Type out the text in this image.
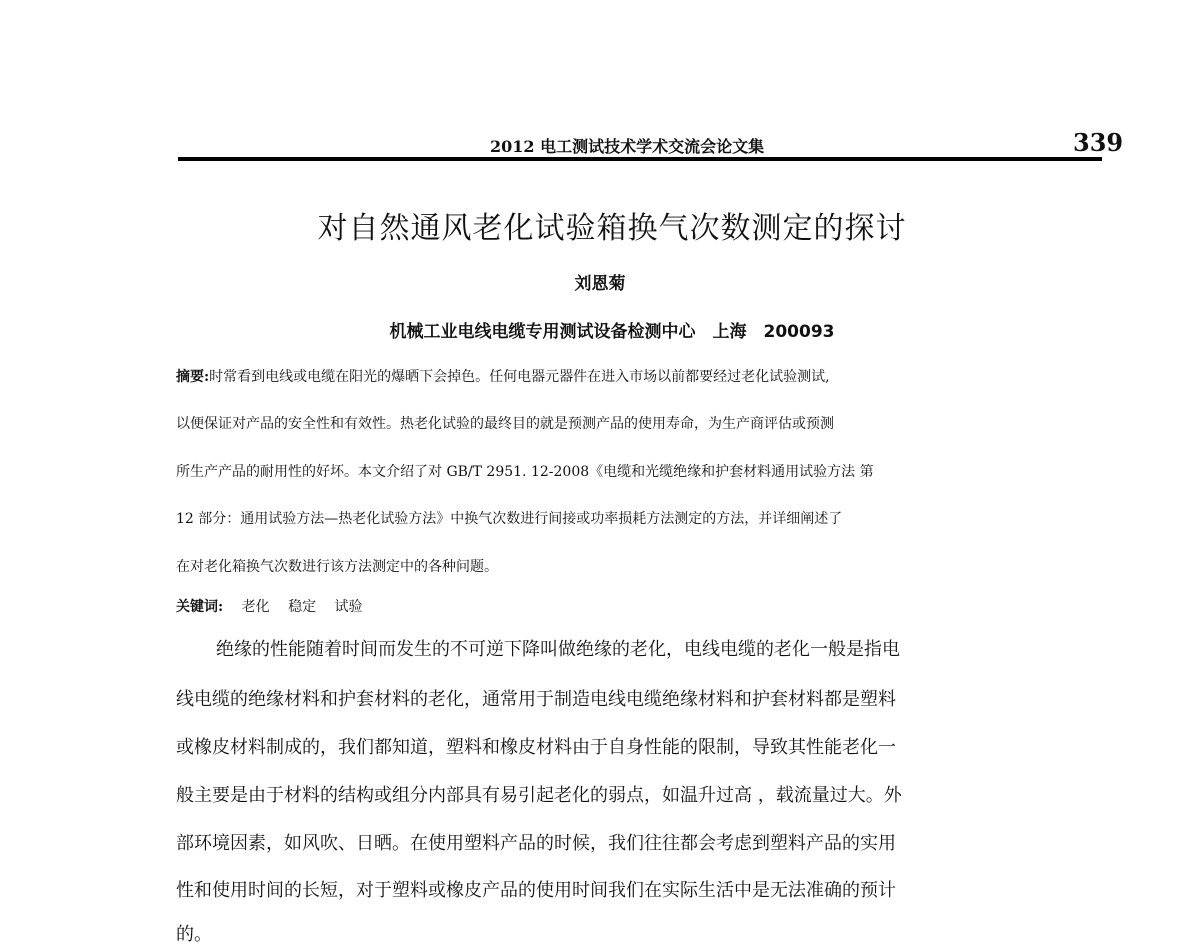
2012 电工测试技术学术交流会论文集	339
对自然通风老化试验箱换气次数测定的探讨
刘恩菊
机械工业电线电缆专用测试设备检测中心　上海　200093
摘要:时常看到电线或电缆在阳光的爆晒下会掉色。任何电器元器件在进入市场以前都要经过老化试验测试,
以便保证对产品的安全性和有效性。热老化试验的最终目的就是预测产品的使用寿命，为生产商评估或预测
所生产产品的耐用性的好坏。本文介绍了对 GB/T 2951. 12-2008《电缆和光缆绝缘和护套材料通用试验方法 第
12 部分：通用试验方法—热老化试验方法》中换气次数进行间接或功率损耗方法测定的方法，并详细阐述了
在对老化箱换气次数进行该方法测定中的各种问题。
关键词: 老化 稳定 试验
绝缘的性能随着时间而发生的不可逆下降叫做绝缘的老化，电线电缆的老化一般是指电
线电缆的绝缘材料和护套材料的老化，通常用于制造电线电缆绝缘材料和护套材料都是塑料
或橡皮材料制成的，我们都知道，塑料和橡皮材料由于自身性能的限制，导致其性能老化一
般主要是由于材料的结构或组分内部具有易引起老化的弱点，如温升过高 ，载流量过大。外
部环境因素，如风吹、日晒。在使用塑料产品的时候，我们往往都会考虑到塑料产品的实用
性和使用时间的长短，对于塑料或橡皮产品的使用时间我们在实际生活中是无法准确的预计
的。
